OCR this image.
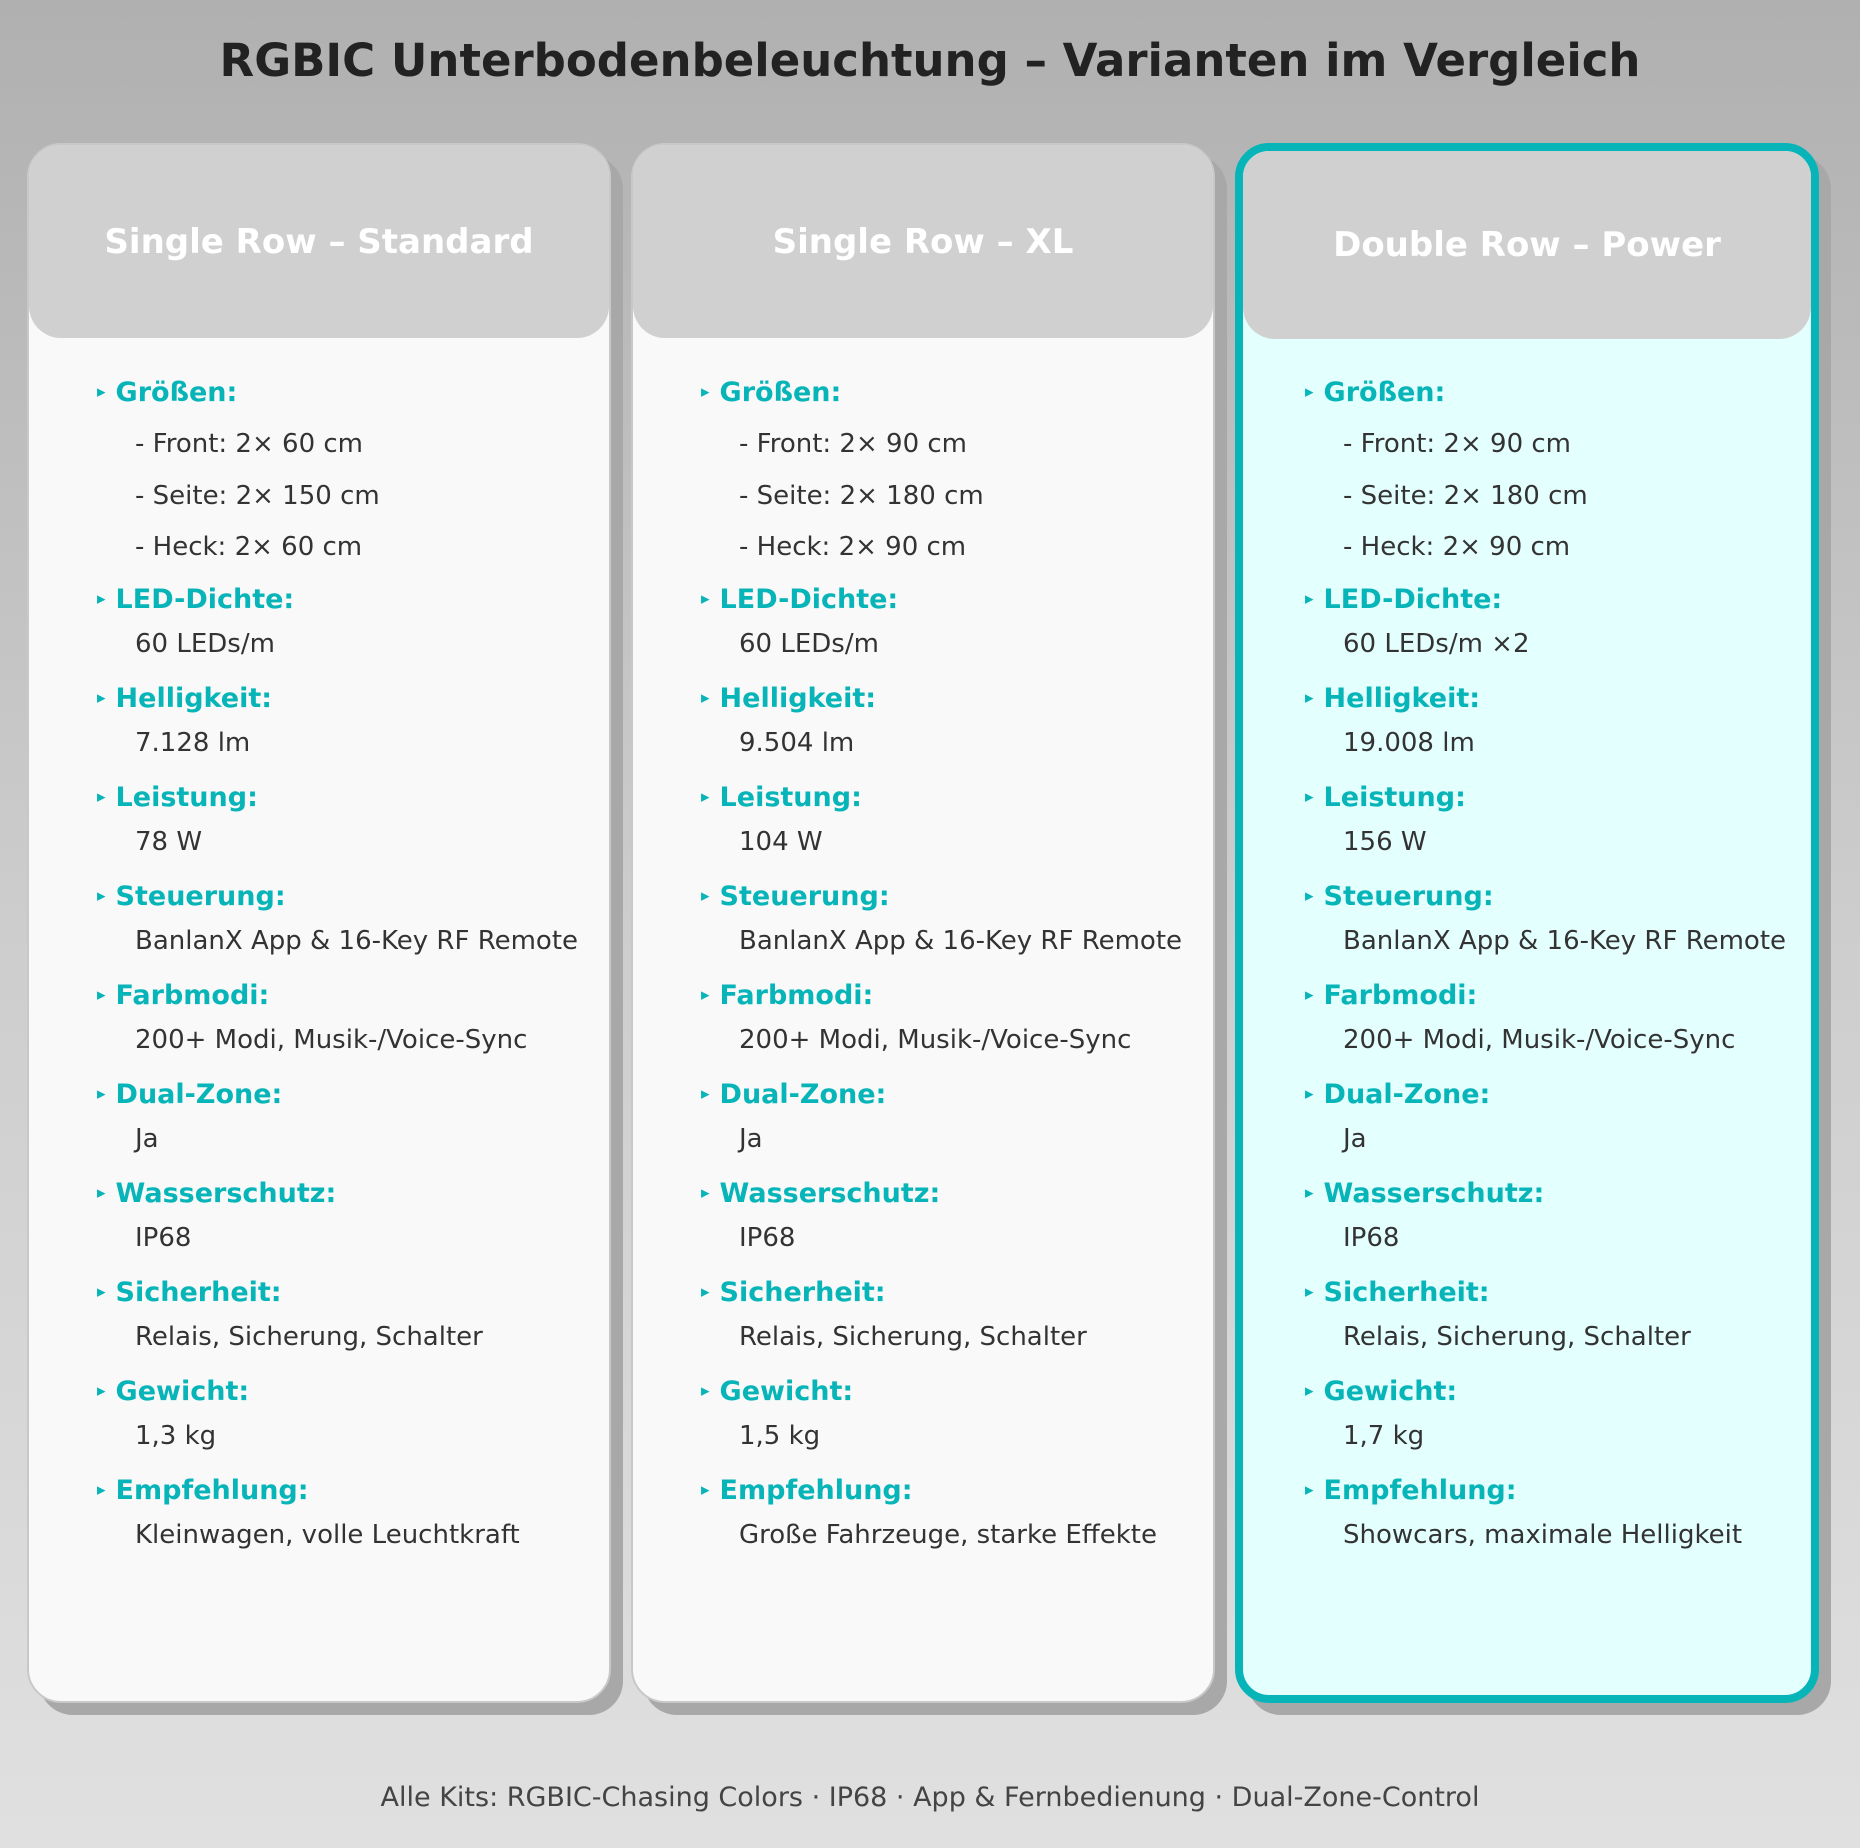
RGBIC Unterbodenbeleuchtung – Varianten im Vergleich
Single Row – Standard
▸ Größen:
- Front: 2× 60 cm
- Seite: 2× 150 cm
- Heck: 2× 60 cm
▸ LED-Dichte:
60 LEDs/m
▸ Helligkeit:
7.128 lm
▸ Leistung:
78 W
▸ Steuerung:
BanlanX App & 16-Key RF Remote
▸ Farbmodi:
200+ Modi, Musik-/Voice-Sync
▸ Dual-Zone:
Ja
▸ Wasserschutz:
IP68
▸ Sicherheit:
Relais, Sicherung, Schalter
▸ Gewicht:
1,3 kg
▸ Empfehlung:
Kleinwagen, volle Leuchtkraft
Single Row – XL
▸ Größen:
- Front: 2× 90 cm
- Seite: 2× 180 cm
- Heck: 2× 90 cm
▸ LED-Dichte:
60 LEDs/m
▸ Helligkeit:
9.504 lm
▸ Leistung:
104 W
▸ Steuerung:
BanlanX App & 16-Key RF Remote
▸ Farbmodi:
200+ Modi, Musik-/Voice-Sync
▸ Dual-Zone:
Ja
▸ Wasserschutz:
IP68
▸ Sicherheit:
Relais, Sicherung, Schalter
▸ Gewicht:
1,5 kg
▸ Empfehlung:
Große Fahrzeuge, starke Effekte
Double Row – Power
▸ Größen:
- Front: 2× 90 cm
- Seite: 2× 180 cm
- Heck: 2× 90 cm
▸ LED-Dichte:
60 LEDs/m ×2
▸ Helligkeit:
19.008 lm
▸ Leistung:
156 W
▸ Steuerung:
BanlanX App & 16-Key RF Remote
▸ Farbmodi:
200+ Modi, Musik-/Voice-Sync
▸ Dual-Zone:
Ja
▸ Wasserschutz:
IP68
▸ Sicherheit:
Relais, Sicherung, Schalter
▸ Gewicht:
1,7 kg
▸ Empfehlung:
Showcars, maximale Helligkeit
Alle Kits: RGBIC-Chasing Colors · IP68 · App & Fernbedienung · Dual-Zone-Control
